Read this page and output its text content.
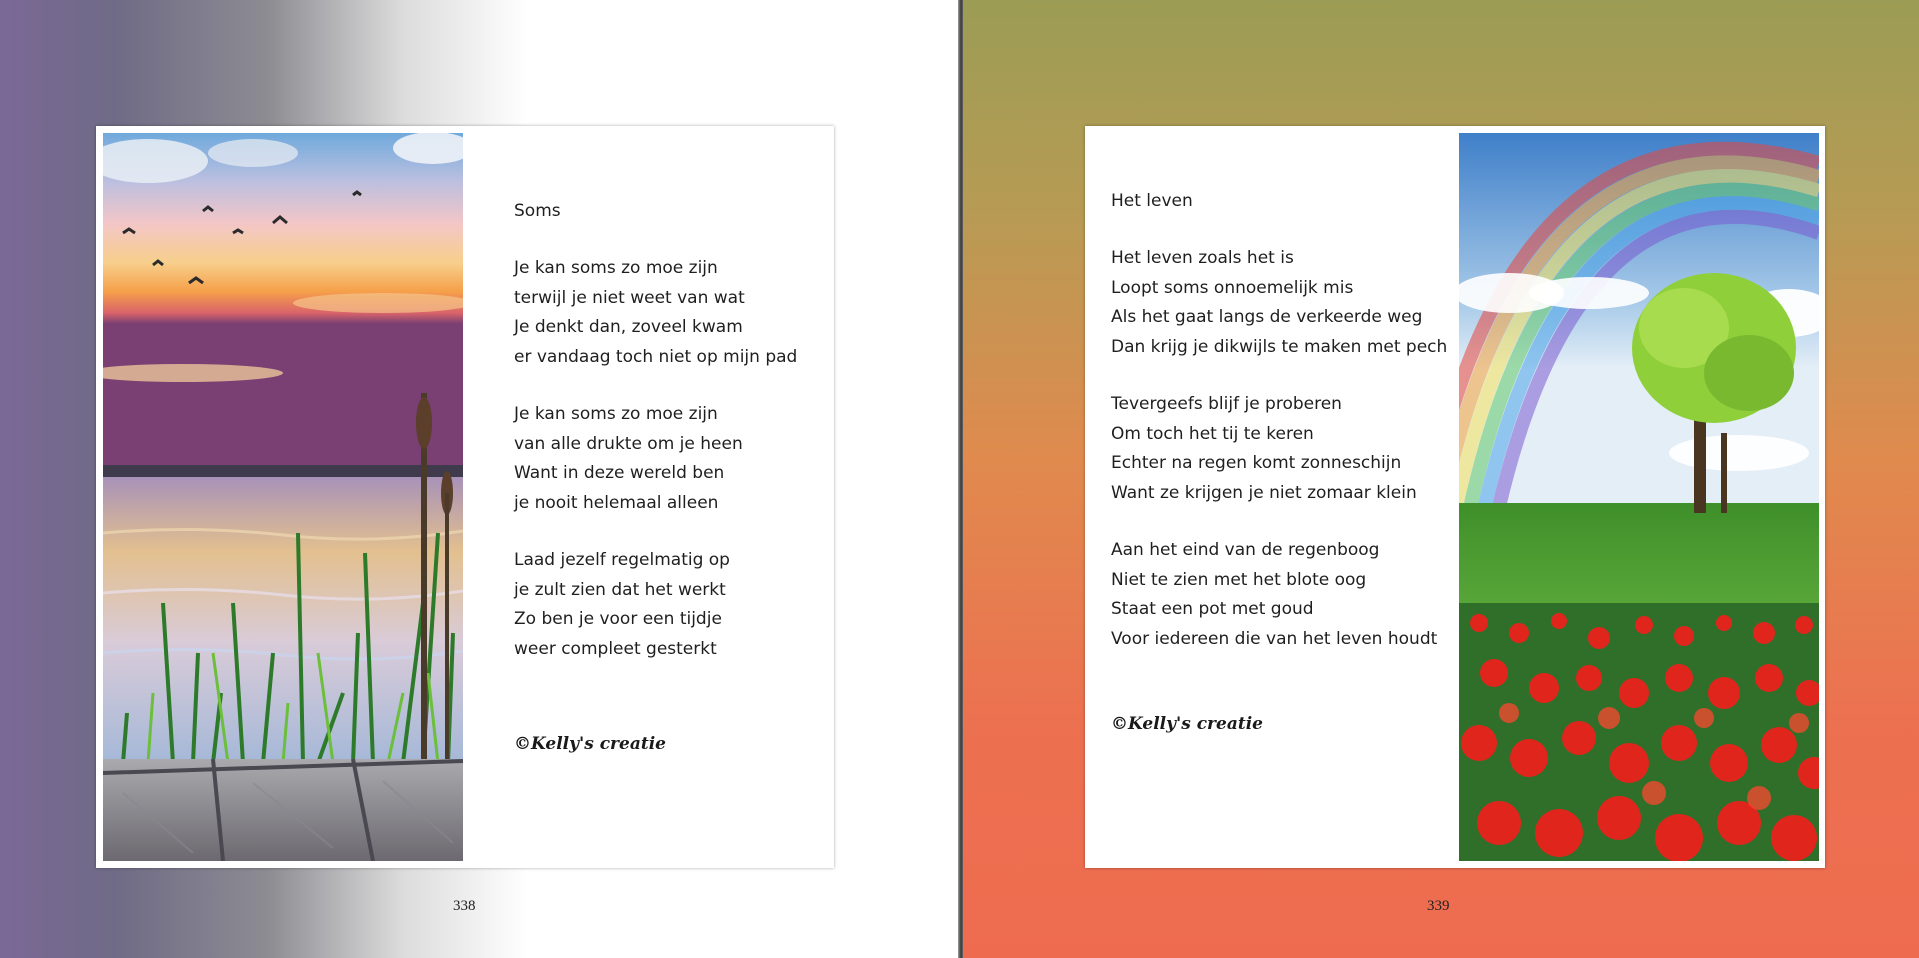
Soms
Je kan soms zo moe zijn
terwijl je niet weet van wat
Je denkt dan, zoveel kwam
er vandaag toch niet op mijn pad
Je kan soms zo moe zijn
van alle drukte om je heen
Want in deze wereld ben
je nooit helemaal alleen
Laad jezelf regelmatig op
je zult zien dat het werkt
Zo ben je voor een tijdje
weer compleet gesterkt
©Kelly's creatie
338
Het leven
Het leven zoals het is
Loopt soms onnoemelijk mis
Als het gaat langs de verkeerde weg
Dan krijg je dikwijls te maken met pech
Tevergeefs blijf je proberen
Om toch het tij te keren
Echter na regen komt zonneschijn
Want ze krijgen je niet zomaar klein
Aan het eind van de regenboog
Niet te zien met het blote oog
Staat een pot met goud
Voor iedereen die van het leven houdt
©Kelly's creatie
339
